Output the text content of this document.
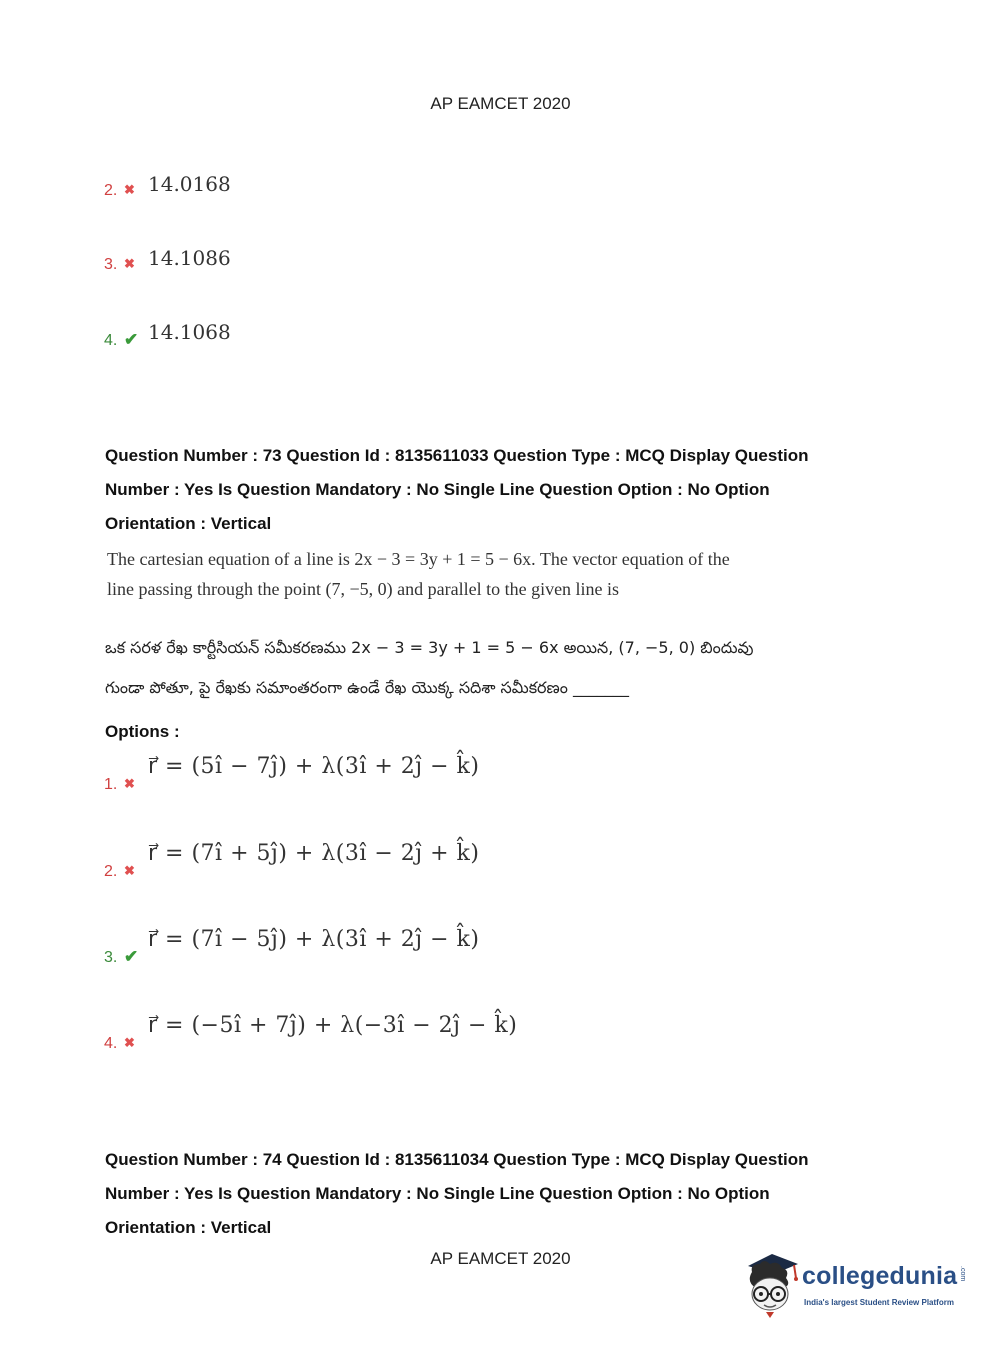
AP EAMCET 2020
2. ✖ 14.0168
3. ✖ 14.1086
4. ✔ 14.1068
Question Number : 73 Question Id : 8135611033 Question Type : MCQ Display Question
Number : Yes Is Question Mandatory : No Single Line Question Option : No Option
Orientation : Vertical
The cartesian equation of a line is 2x − 3 = 3y + 1 = 5 − 6x. The vector equation of the
line passing through the point (7, −5, 0) and parallel to the given line is
ఒక సరళ రేఖ కార్టీసియన్ సమీకరణము 2x − 3 = 3y + 1 = 5 − 6x అయిన, (7, −5, 0) బిందువు
గుండా పోతూ, పై రేఖకు సమాంతరంగా ఉండే రేఖ యొక్క సదిశా సమీకరణం _______
Options :
1. ✖
r⃗ = (5î − 7ĵ) + λ(3î + 2ĵ − k̂)
2. ✖
r⃗ = (7î + 5ĵ) + λ(3î − 2ĵ + k̂)
3. ✔
r⃗ = (7î − 5ĵ) + λ(3î + 2ĵ − k̂)
4. ✖
r⃗ = (−5î + 7ĵ) + λ(−3î − 2ĵ − k̂)
Question Number : 74 Question Id : 8135611034 Question Type : MCQ Display Question
Number : Yes Is Question Mandatory : No Single Line Question Option : No Option
Orientation : Vertical
AP EAMCET 2020
collegedunia .com
India's largest Student Review Platform
